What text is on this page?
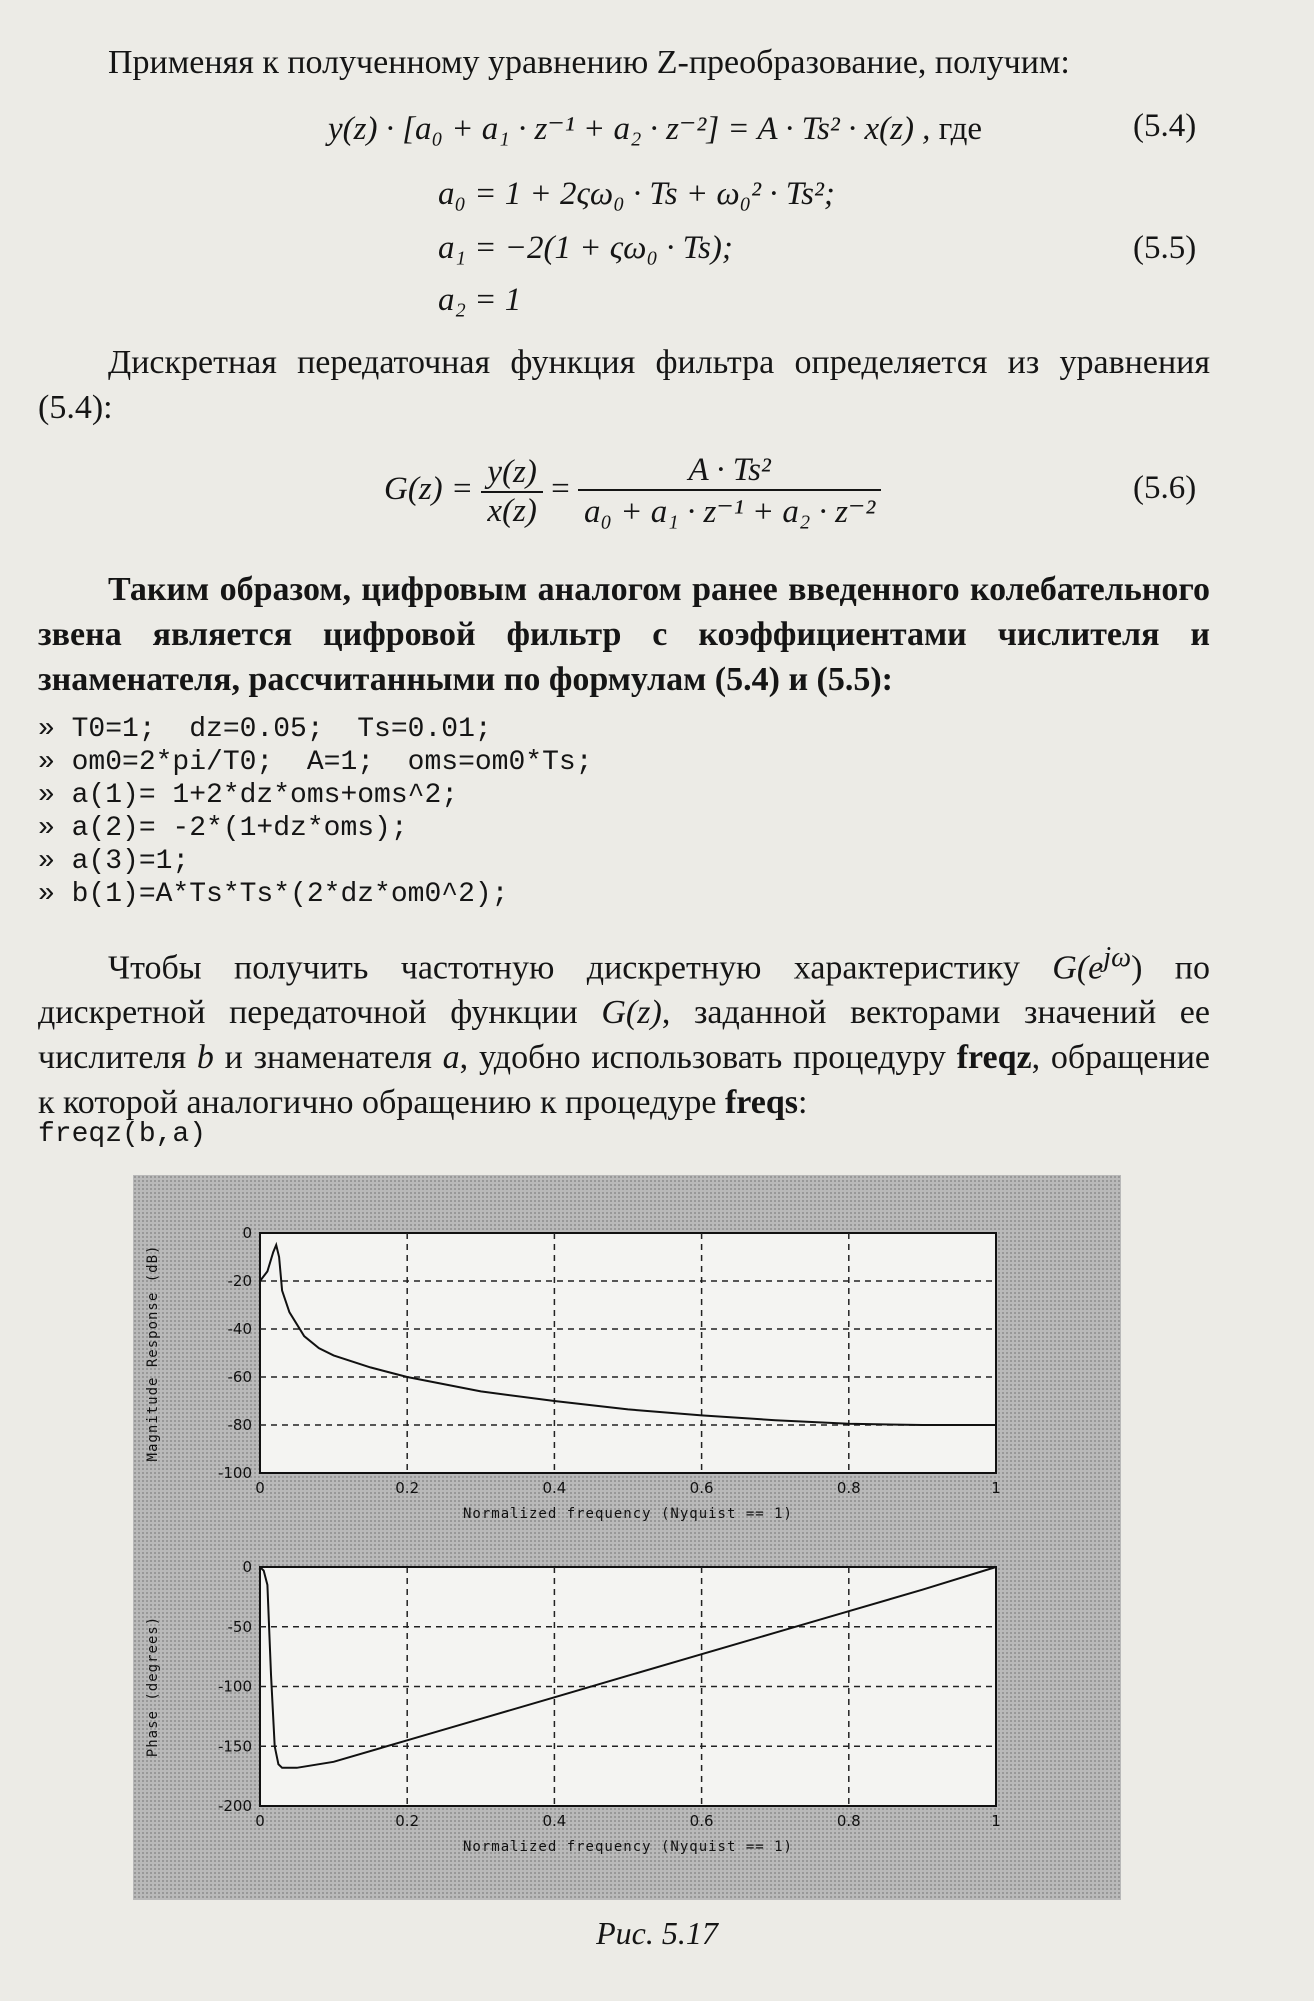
Применяя к полученному уравнению Z-преобразование, получим:
y(z) · [a₀ + a₁ · z⁻¹ + a₂ · z⁻²] = A · Ts² · x(z) , где	(5.4)
a₀ = 1 + 2ςω₀ · Ts + ω₀² · Ts²;
a₁ = −2(1 + ςω₀ · Ts);
a₂ = 1
(5.5)
Дискретная передаточная функция фильтра определяется из уравнения (5.4):
$G(z) = \frac{y(z)}{x(z)} = \frac{\text{A · Ts²}}{\text{a₀ + a₁ · z⁻¹ + a₂ · z⁻²}}$	(5.6)
Таким образом, цифровым аналогом ранее введенного колебательного звена является цифровой фильтр с коэффициентами числителя и знаменателя, рассчитанными по формулам (5.4) и (5.5):
» T0=1;  dz=0.05;  Ts=0.01;
» om0=2*pi/T0;  A=1;  oms=om0*Ts;
» a(1)= 1+2*dz*oms+oms^2;
» a(2)= -2*(1+dz*oms);
» a(3)=1;
» b(1)=A*Ts*Ts*(2*dz*om0^2);
Чтобы получить частотную дискретную характеристику $G(e^{j\omega})$ по дискретной передаточной функции G(z), заданной векторами значений ее числителя b и знаменателя a, удобно использовать процедуру freqz, обращение к которой аналогично обращению к процедуре freqs:
freqz(b,a)
0	0.2	0.4	0.6	0.8	1
0
-20
-40
-60
-80
-100
Normalized frequency (Nyquist == 1)
Magnitude Response (dB)
0	0.2	0.4	0.6	0.8	1
0
-50
-100
-150
-200
Normalized frequency (Nyquist == 1)
Phase (degrees)
Рис. 5.17
